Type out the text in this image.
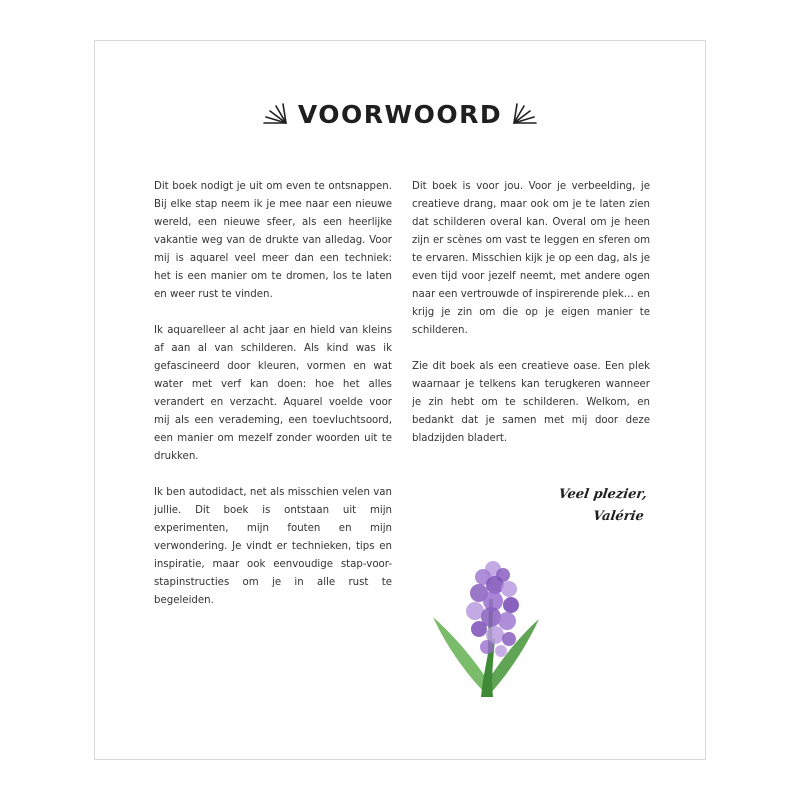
VOORWOORD

Dit boek nodigt je uit om even te ontsnappen. Bij elke stap neem ik je mee naar een nieuwe wereld, een nieuwe sfeer, als een heerlijke vakantie weg van de drukte van alledag. Voor mij is aquarel veel meer dan een techniek: het is een manier om te dromen, los te laten en weer rust te vinden.

Ik aquarelleer al acht jaar en hield van kleins af aan al van schilderen. Als kind was ik gefascineerd door kleuren, vormen en wat water met verf kan doen: hoe het alles verandert en verzacht. Aquarel voelde voor mij als een verademing, een toevluchtsoord, een manier om mezelf zonder woorden uit te drukken.

Ik ben autodidact, net als misschien velen van jullie. Dit boek is ontstaan uit mijn experimenten, mijn fouten en mijn verwondering. Je vindt er technieken, tips en inspiratie, maar ook eenvoudige stap-voor-stapinstructies om je in alle rust te begeleiden.

Dit boek is voor jou. Voor je verbeelding, je creatieve drang, maar ook om je te laten zien dat schilderen overal kan. Overal om je heen zijn er scènes om vast te leggen en sferen om te ervaren. Misschien kijk je op een dag, als je even tijd voor jezelf neemt, met andere ogen naar een vertrouwde of inspirerende plek… en krijg je zin om die op je eigen manier te schilderen.

Zie dit boek als een creatieve oase. Een plek waarnaar je telkens kan terugkeren wanneer je zin hebt om te schilderen. Welkom, en bedankt dat je samen met mij door deze bladzijden bladert.

Veel plezier,
Valérie
